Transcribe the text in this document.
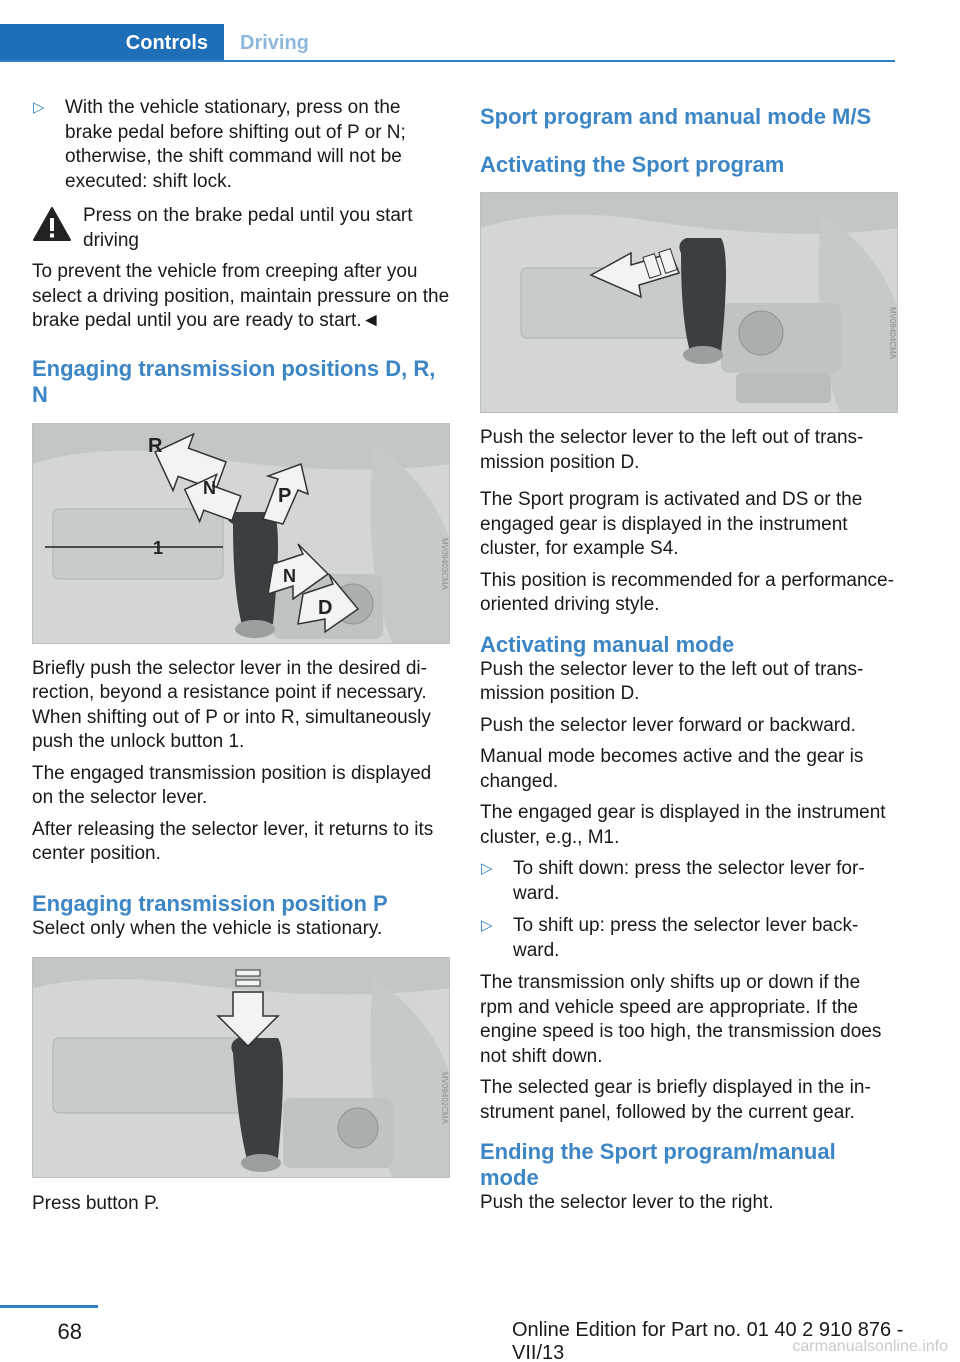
Controls	Driving
▷ With the vehicle stationary, press on the brake pedal before shifting out of P or N; otherwise, the shift command will not be executed: shift lock.
Press on the brake pedal until you start driving

To prevent the vehicle from creeping after you select a driving position, maintain pressure on the brake pedal until you are ready to start.◄

Engaging transmission positions D, R, N
R
N	P
N
D
1	MV09403CMA

Briefly push the selector lever in the desired direction, beyond a resistance point if necessary. When shifting out of P or into R, simultaneously push the unlock button 1.

The engaged transmission position is displayed on the selector lever.

After releasing the selector lever, it returns to its center position.

Engaging transmission position P

Select only when the vehicle is stationary.

MV09402CMA

Press button P.

Sport program and manual mode M/S
Activating the Sport program
MV09404CMA

Push the selector lever to the left out of transmission position D.

The Sport program is activated and DS or the engaged gear is displayed in the instrument cluster, for example S4.

This position is recommended for a performance-oriented driving style.

Activating manual mode

Push the selector lever to the left out of transmission position D.

Push the selector lever forward or backward.

Manual mode becomes active and the gear is changed.

The engaged gear is displayed in the instrument cluster, e.g., M1.

▷ To shift down: press the selector lever forward.
▷ To shift up: press the selector lever backward.

The transmission only shifts up or down if the rpm and vehicle speed are appropriate. If the engine speed is too high, the transmission does not shift down.

The selected gear is briefly displayed in the instrument panel, followed by the current gear.

Ending the Sport program/manual mode

Push the selector lever to the right.

68	Online Edition for Part no. 01 40 2 910 876 - VII/13	carmanualsonline.info
